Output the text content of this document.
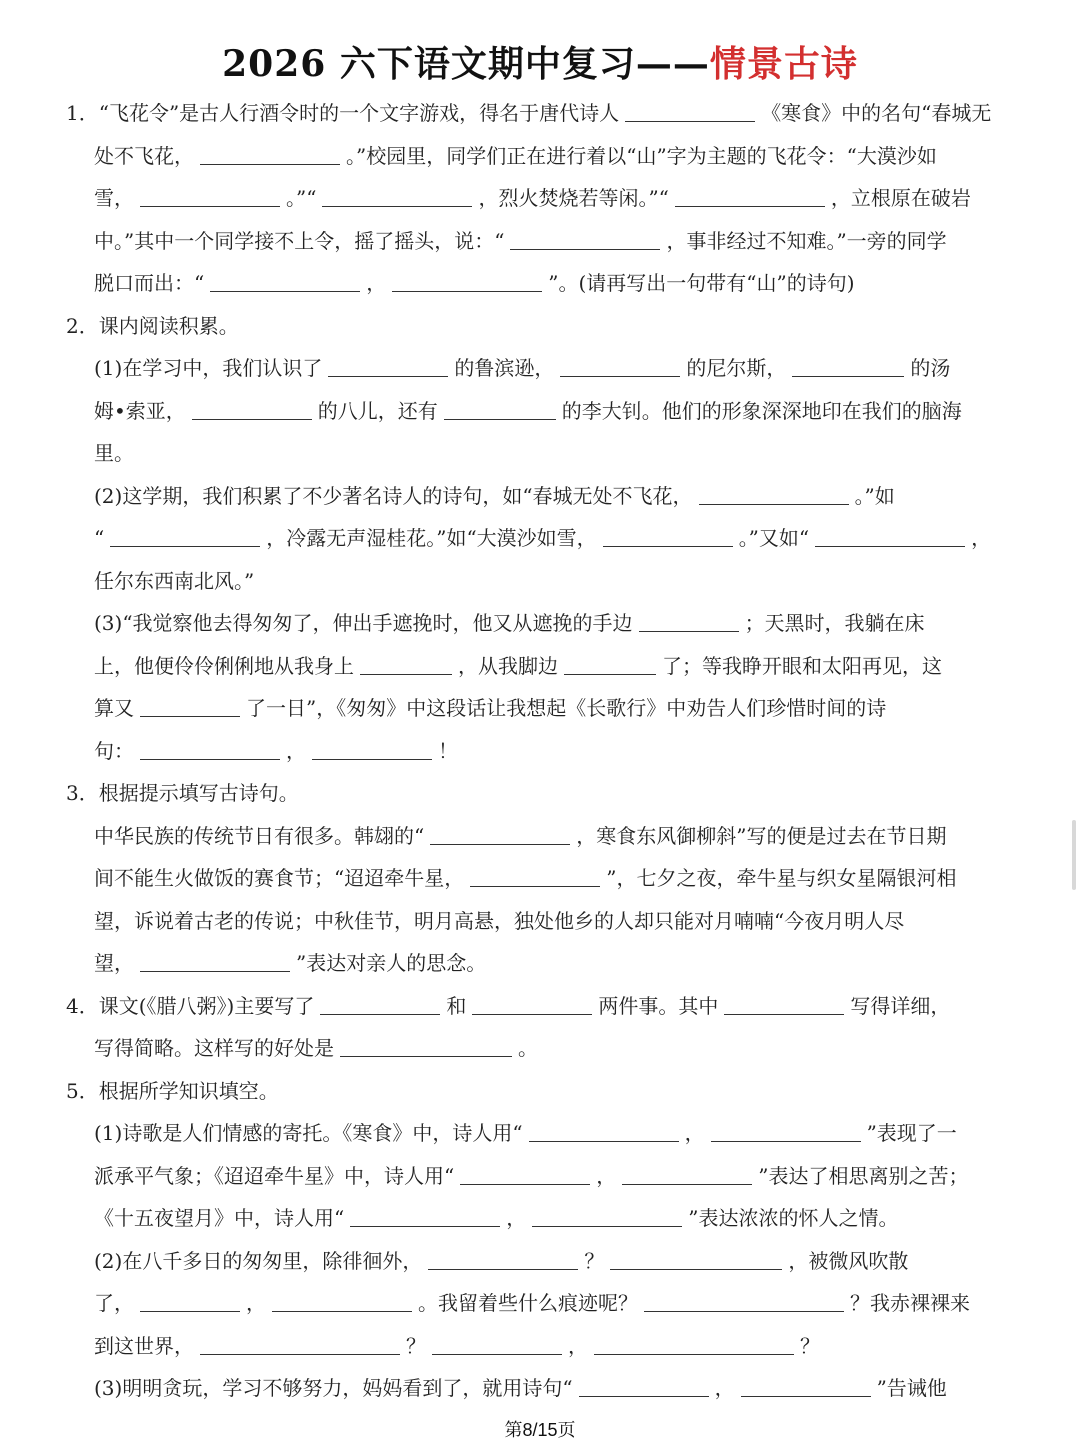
2026 六下语文期中复习——情景古诗
1．“飞花令”是古人行酒令时的一个文字游戏，得名于唐代诗人	《寒食》中的名句“春城无
处不飞花，	。”校园里，同学们正在进行着以“山”字为主题的飞花令：“大漠沙如
雪，	。”“	，烈火焚烧若等闲。”“	，立根原在破岩
中。”其中一个同学接不上令，摇了摇头，说：“	，事非经过不知难。”一旁的同学
脱口而出：“	，	”。(请再写出一句带有“山”的诗句)
2．课内阅读积累。
(1)在学习中，我们认识了	的鲁滨逊，	的尼尔斯，	的汤
姆•索亚，	的八儿，还有	的李大钊。他们的形象深深地印在我们的脑海
里。
(2)这学期，我们积累了不少著名诗人的诗句，如“春城无处不飞花，	。”如
“	，冷露无声湿桂花。”如“大漠沙如雪，	。”又如“	，
任尔东西南北风。”
(3)“我觉察他去得匆匆了，伸出手遮挽时，他又从遮挽的手边	；天黑时，我躺在床
上，他便伶伶俐俐地从我身上	，从我脚边	了；等我睁开眼和太阳再见，这
算又	了一日”，《匆匆》中这段话让我想起《长歌行》中劝告人们珍惜时间的诗
句：	，	！
3．根据提示填写古诗句。
中华民族的传统节日有很多。韩翃的“	，寒食东风御柳斜”写的便是过去在节日期
间不能生火做饭的赛食节；“迢迢牵牛星，	”，七夕之夜，牵牛星与织女星隔银河相
望，诉说着古老的传说；中秋佳节，明月高悬，独处他乡的人却只能对月喃喃“今夜月明人尽
望，	”表达对亲人的思念。
4．课文(《腊八粥》)主要写了	和	两件事。其中	写得详细，
写得简略。这样写的好处是	。
5．根据所学知识填空。
(1)诗歌是人们情感的寄托。《寒食》中，诗人用“	，	”表现了一
派承平气象；《迢迢牵牛星》中，诗人用“	，	”表达了相思离别之苦；
《十五夜望月》中，诗人用“	，	”表达浓浓的怀人之情。
(2)在八千多日的匆匆里，除徘徊外，	？	，被微风吹散
了，	，	。我留着些什么痕迹呢？	？我赤裸裸来
到这世界，	？	，	？
(3)明明贪玩，学习不够努力，妈妈看到了，就用诗句“	，	”告诫他
第8/15页
